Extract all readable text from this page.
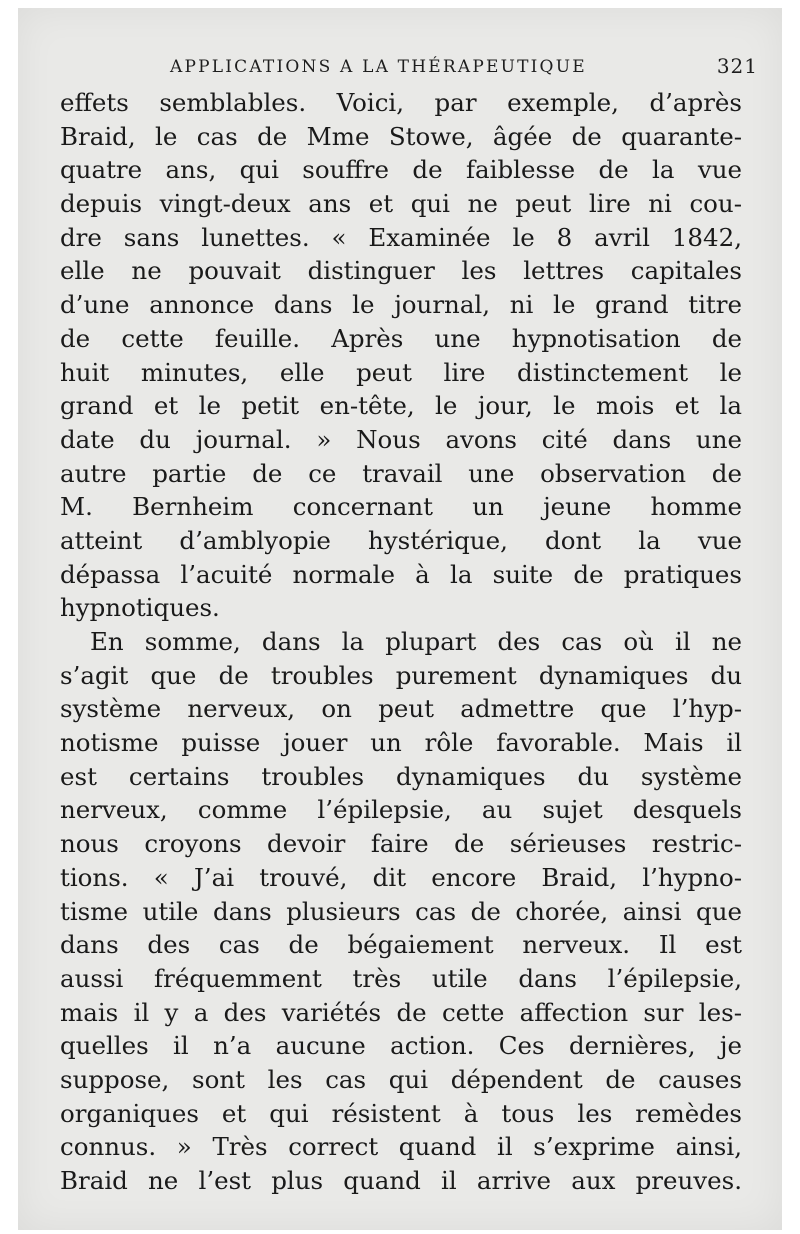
APPLICATIONS A LA THÉRAPEUTIQUE	321
effets semblables. Voici, par exemple, d’après
Braid, le cas de Mme Stowe, âgée de quarante-
quatre ans, qui souffre de faiblesse de la vue
depuis vingt-deux ans et qui ne peut lire ni cou-
dre sans lunettes. « Examinée le 8 avril 1842,
elle ne pouvait distinguer les lettres capitales
d’une annonce dans le journal, ni le grand titre
de cette feuille. Après une hypnotisation de
huit minutes, elle peut lire distinctement le
grand et le petit en-tête, le jour, le mois et la
date du journal. » Nous avons cité dans une
autre partie de ce travail une observation de
M. Bernheim concernant un jeune homme
atteint d’amblyopie hystérique, dont la vue
dépassa l’acuité normale à la suite de pratiques
hypnotiques.
En somme, dans la plupart des cas où il ne
s’agit que de troubles purement dynamiques du
système nerveux, on peut admettre que l’hyp-
notisme puisse jouer un rôle favorable. Mais il
est certains troubles dynamiques du système
nerveux, comme l’épilepsie, au sujet desquels
nous croyons devoir faire de sérieuses restric-
tions. « J’ai trouvé, dit encore Braid, l’hypno-
tisme utile dans plusieurs cas de chorée, ainsi que
dans des cas de bégaiement nerveux. Il est
aussi fréquemment très utile dans l’épilepsie,
mais il y a des variétés de cette affection sur les-
quelles il n’a aucune action. Ces dernières, je
suppose, sont les cas qui dépendent de causes
organiques et qui résistent à tous les remèdes
connus. » Très correct quand il s’exprime ainsi,
Braid ne l’est plus quand il arrive aux preuves.
